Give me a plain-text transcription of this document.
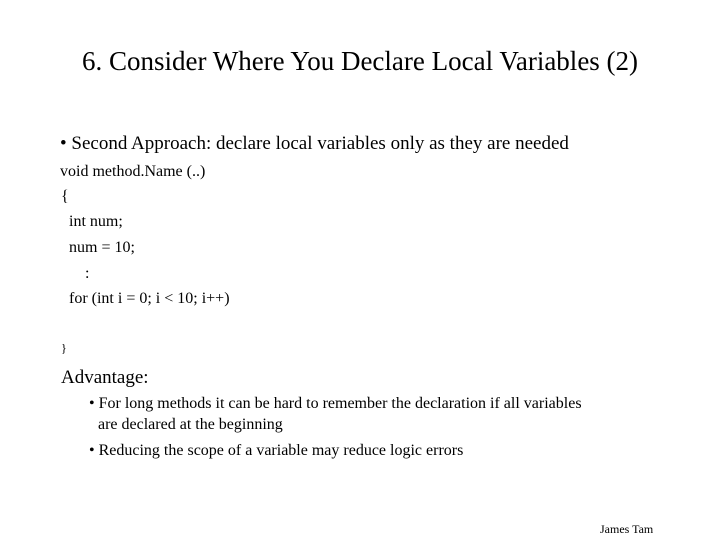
6. Consider Where You Declare Local Variables (2)
• Second Approach: declare local variables only as they are needed
void method.Name (..)
{
int num;
num = 10;
:
for (int i = 0; i < 10; i++)
}
Advantage:
• For long methods it can be hard to remember the declaration if all variables
are declared at the beginning
• Reducing the scope of a variable may reduce logic errors
James Tam
